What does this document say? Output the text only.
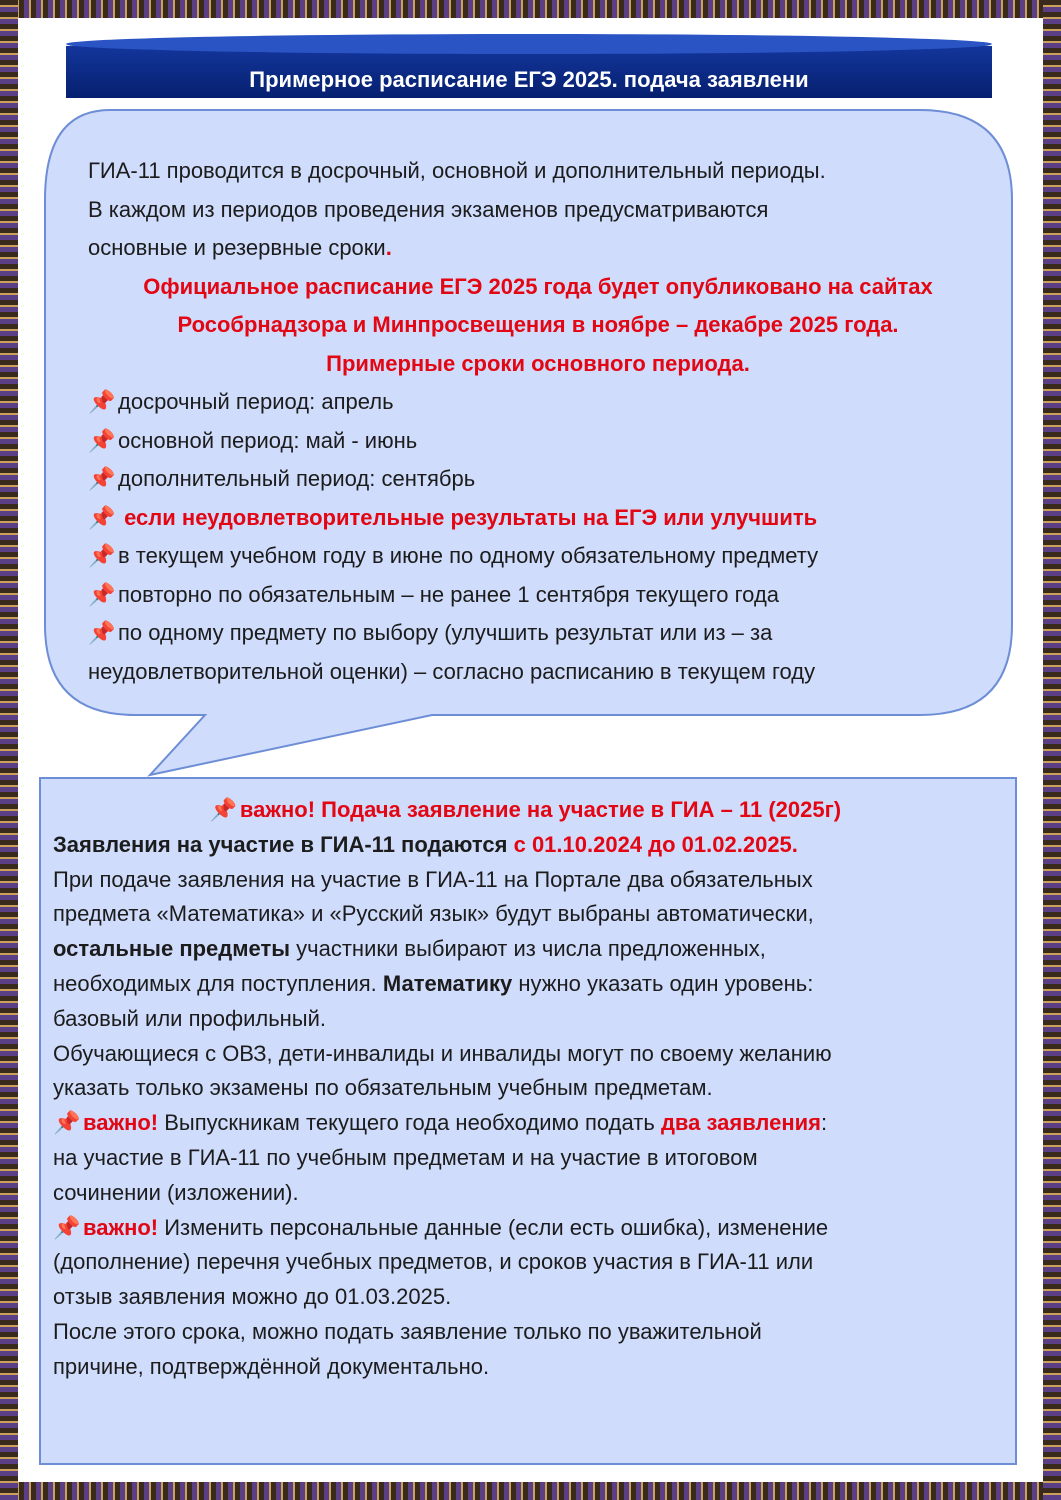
Примерное расписание ЕГЭ 2025. подача заявлени

ГИА-11 проводится в досрочный, основной и дополнительный периоды.

В каждом из периодов проведения экзаменов предусматриваются

основные и резервные сроки.

Официальное расписание ЕГЭ 2025 года будет опубликовано на сайтах

Рособрнадзора и Минпросвещения в ноябре – декабре 2025 года.

Примерные сроки основного периода.

📌 досрочный период: апрель

📌 основной период: май - июнь

📌 дополнительный период: сентябрь

📌 если неудовлетворительные результаты на ЕГЭ или улучшить

📌 в текущем учебном году в июне по одному обязательному предмету

📌 повторно по обязательным – не ранее 1 сентября текущего года

📌 по одному предмету по выбору (улучшить результат или из – за

неудовлетворительной оценки) – согласно расписанию в текущем году

📌 важно! Подача заявление на участие в ГИА – 11 (2025г)

Заявления на участие в ГИА-11 подаются с 01.10.2024 до 01.02.2025.

При подаче заявления на участие в ГИА-11 на Портале два обязательных

предмета «Математика» и «Русский язык» будут выбраны автоматически,

остальные предметы участники выбирают из числа предложенных,

необходимых для поступления. Математику нужно указать один уровень:

базовый или профильный.

Обучающиеся с ОВЗ, дети-инвалиды и инвалиды могут по своему желанию

указать только экзамены по обязательным учебным предметам.

📌 важно! Выпускникам текущего года необходимо подать два заявления:

на участие в ГИА-11 по учебным предметам и на участие в итоговом

сочинении (изложении).

📌 важно! Изменить персональные данные (если есть ошибка), изменение

(дополнение) перечня учебных предметов, и сроков участия в ГИА-11 или

отзыв заявления можно до 01.03.2025.

После этого срока, можно подать заявление только по уважительной

причине, подтверждённой документально.
